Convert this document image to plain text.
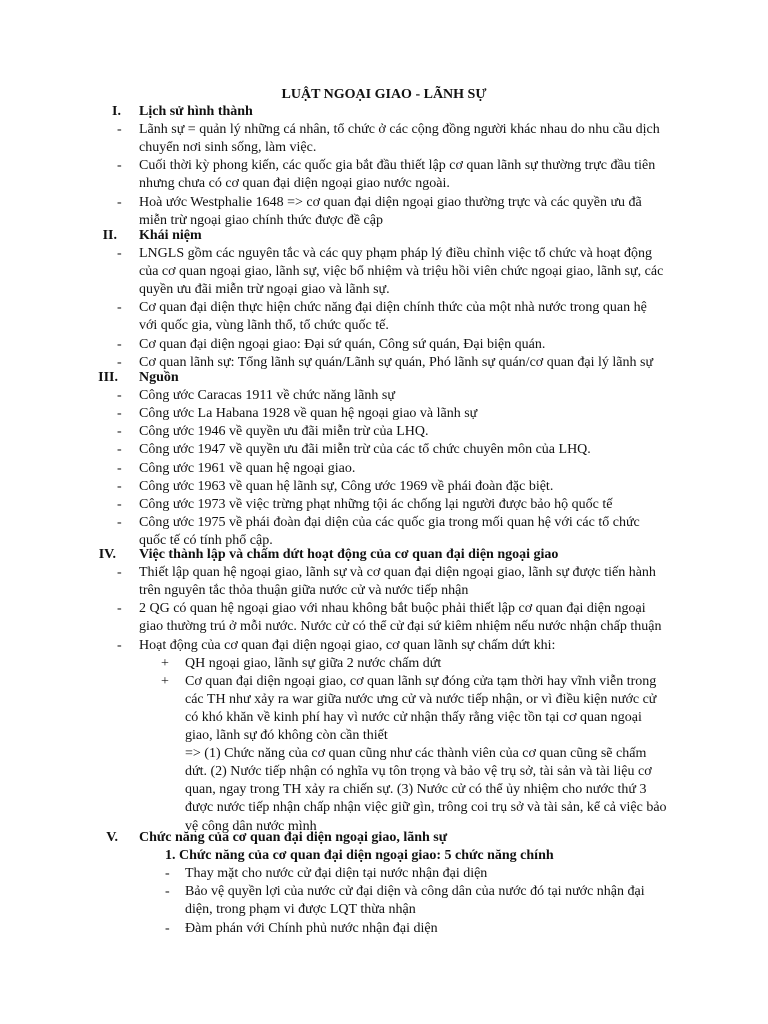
LUẬT NGOẠI GIAO - LÃNH SỰ
I. Lịch sử hình thành
- Lãnh sự = quản lý những cá nhân, tổ chức ở các cộng đồng người khác nhau do nhu cầu dịch
chuyển nơi sinh sống, làm việc.
- Cuối thời kỳ phong kiến, các quốc gia bắt đầu thiết lập cơ quan lãnh sự thường trực đầu tiên
nhưng chưa có cơ quan đại diện ngoại giao nước ngoài.
- Hoà ước Westphalie 1648 => cơ quan đại diện ngoại giao thường trực và các quyền ưu đã
miễn trừ ngoại giao chính thức được đề cập
II. Khái niệm
- LNGLS gồm các nguyên tắc và các quy phạm pháp lý điều chỉnh việc tổ chức và hoạt động
của cơ quan ngoại giao, lãnh sự, việc bổ nhiệm và triệu hồi viên chức ngoại giao, lãnh sự, các
quyền ưu đãi miễn trừ ngoại giao và lãnh sự.
- Cơ quan đại diện thực hiện chức năng đại diện chính thức của một nhà nước trong quan hệ
với quốc gia, vùng lãnh thổ, tổ chức quốc tế.
- Cơ quan đại diện ngoại giao: Đại sứ quán, Công sứ quán, Đại biện quán.
- Cơ quan lãnh sự: Tổng lãnh sự quán/Lãnh sự quán, Phó lãnh sự quán/cơ quan đại lý lãnh sự
III. Nguồn
- Công ước Caracas 1911 về chức năng lãnh sự
- Công ước La Habana 1928 về quan hệ ngoại giao và lãnh sự
- Công ước 1946 về quyền ưu đãi miễn trừ của LHQ.
- Công ước 1947 về quyền ưu đãi miễn trừ của các tổ chức chuyên môn của LHQ.
- Công ước 1961 về quan hệ ngoại giao.
- Công ước 1963 về quan hệ lãnh sự, Công ước 1969 về phái đoàn đặc biệt.
- Công ước 1973 về việc trừng phạt những tội ác chống lại người được bảo hộ quốc tế
- Công ước 1975 về phái đoàn đại diện của các quốc gia trong mối quan hệ với các tổ chức
quốc tế có tính phổ cập.
IV. Việc thành lập và chấm dứt hoạt động của cơ quan đại diện ngoại giao
- Thiết lập quan hệ ngoại giao, lãnh sự và cơ quan đại diện ngoại giao, lãnh sự được tiến hành
trên nguyên tắc thỏa thuận giữa nước cử và nước tiếp nhận
- 2 QG có quan hệ ngoại giao với nhau không bắt buộc phải thiết lập cơ quan đại diện ngoại
giao thường trú ở mỗi nước. Nước cử có thể cử đại sứ kiêm nhiệm nếu nước nhận chấp thuận
- Hoạt động của cơ quan đại diện ngoại giao, cơ quan lãnh sự chấm dứt khi:
+ QH ngoại giao, lãnh sự giữa 2 nước chấm dứt
+ Cơ quan đại diện ngoại giao, cơ quan lãnh sự đóng cửa tạm thời hay vĩnh viễn trong
các TH như xảy ra war giữa nước ưng cử và nước tiếp nhận, or vì điều kiện nước cử
có khó khăn về kinh phí hay vì nước cử nhận thấy rằng việc tồn tại cơ quan ngoại
giao, lãnh sự đó không còn cần thiết
=> (1) Chức năng của cơ quan cũng như các thành viên của cơ quan cũng sẽ chấm
dứt. (2) Nước tiếp nhận có nghĩa vụ tôn trọng và bảo vệ trụ sở, tài sản và tài liệu cơ
quan, ngay trong TH xảy ra chiến sự. (3) Nước cử có thể ủy nhiệm cho nước thứ 3
được nước tiếp nhận chấp nhận việc giữ gìn, trông coi trụ sở và tài sản, kể cả việc bảo
vệ công dân nước mình
V. Chức năng của cơ quan đại diện ngoại giao, lãnh sự
1. Chức năng của cơ quan đại diện ngoại giao: 5 chức năng chính
- Thay mặt cho nước cử đại diện tại nước nhận đại diện
- Bảo vệ quyền lợi của nước cử đại diện và công dân của nước đó tại nước nhận đại
diện, trong phạm vi được LQT thừa nhận
- Đàm phán với Chính phủ nước nhận đại diện
